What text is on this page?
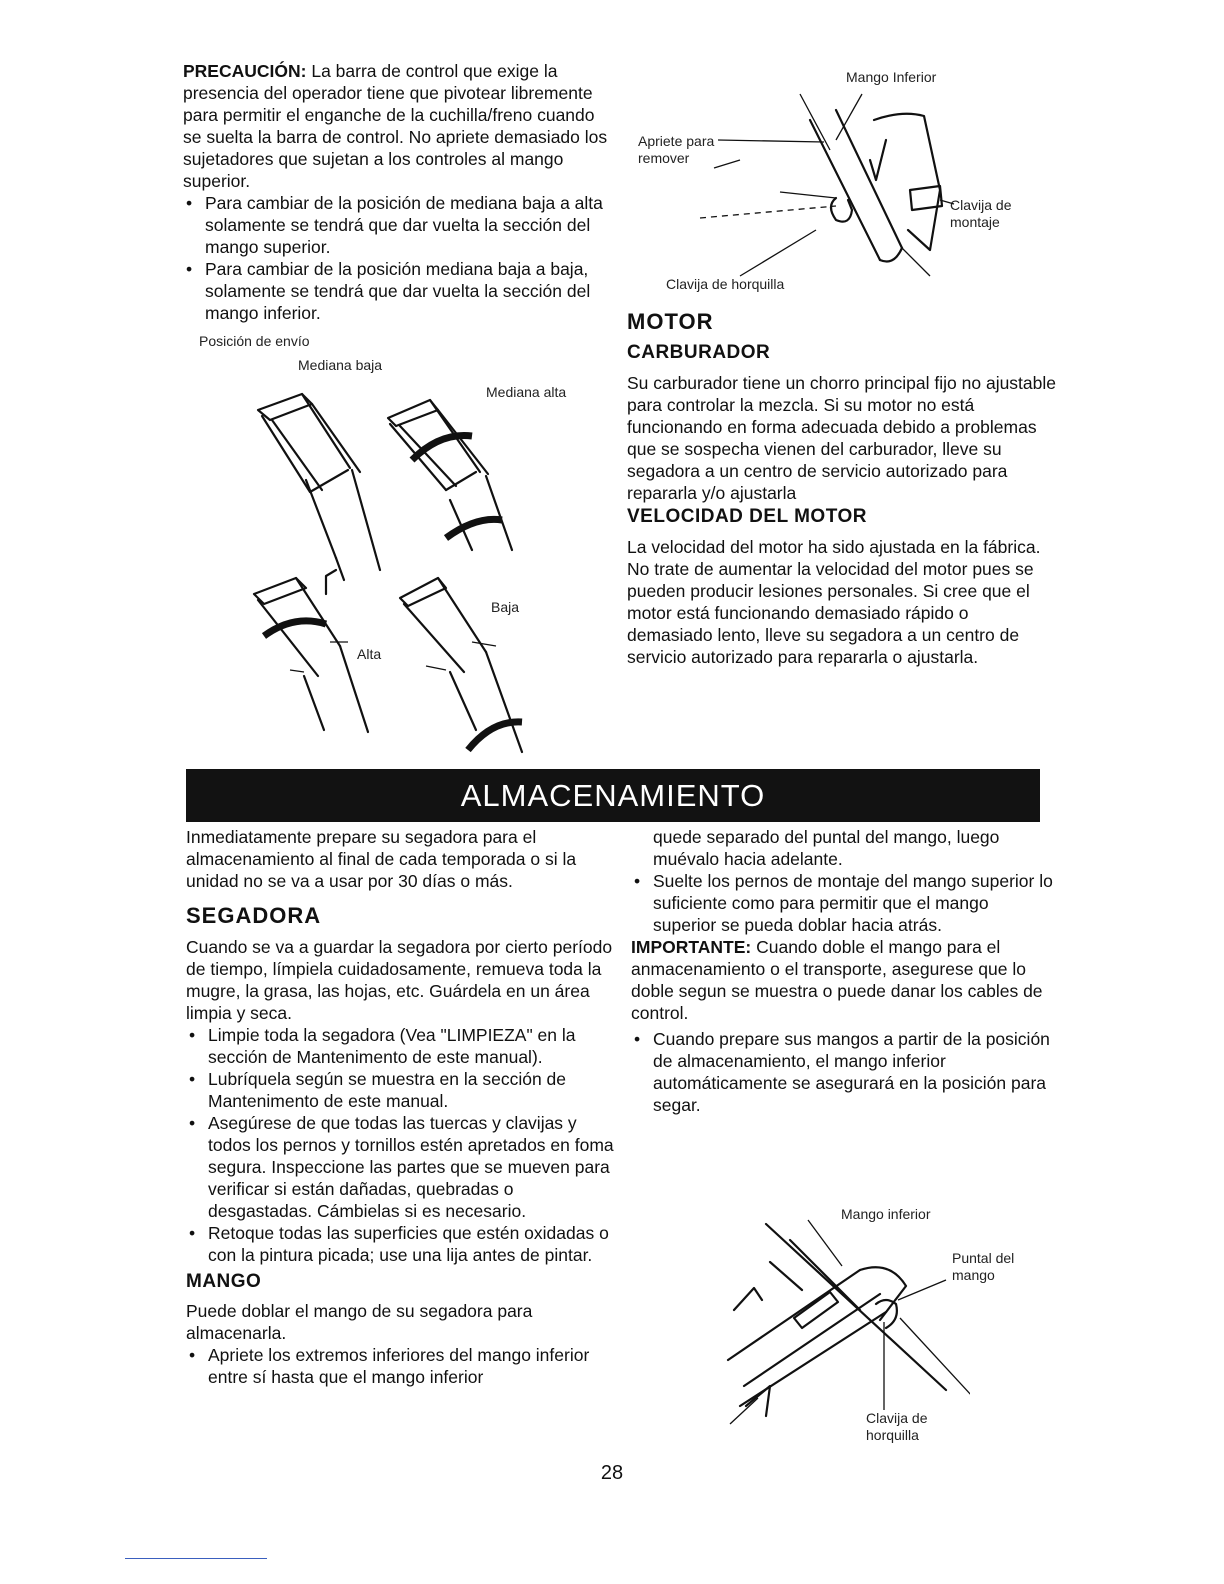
PRECAUCIÓN: La barra de control que exige la presencia del operador tiene que pivotear libremente para permitir el enganche de la cuchilla/freno cuando se suelta la barra de control. No apriete demasiado los sujetadores que sujetan a los controles al mango superior.

• Para cambiar de la posición de mediana baja a alta solamente se tendrá que dar vuelta la sección del mango superior.
• Para cambiar de la posición mediana baja a baja, solamente se tendrá que dar vuelta la sección del mango inferior.
Posición de envío
Mediana baja
Mediana alta
Baja
Alta
Mango Inferior
Apriete para remover
Clavija de montaje
Clavija de horquilla
MOTOR
CARBURADOR

Su carburador tiene un chorro principal fijo no ajustable para controlar la mezcla. Si su motor no está funcionando en forma adecuada debido a problemas que se sospecha vienen del carburador, lleve su segadora a un centro de servicio autorizado para repararla y/o ajustarla

VELOCIDAD DEL MOTOR

La velocidad del motor ha sido ajustada en la fábrica. No trate de aumentar la velocidad del motor pues se pueden producir lesiones personales. Si cree que el motor está funcionando demasiado rápido o demasiado lento, lleve su segadora a un centro de servicio autorizado para repararla o ajustarla.

ALMACENAMIENTO

Inmediatamente prepare su segadora para el almacenamiento al final de cada temporada o si la unidad no se va a usar por 30 días o más.

SEGADORA

Cuando se va a guardar la segadora por cierto período de tiempo, límpiela cuidadosamente, remueva toda la mugre, la grasa, las hojas, etc. Guárdela en un área limpia y seca.

• Limpie toda la segadora (Vea "LIMPIEZA" en la sección de Mantenimento de este manual).
• Lubríquela según se muestra en la sección de Mantenimento de este manual.
• Asegúrese de que todas las tuercas y clavijas y todos los pernos y tornillos estén apretados en foma segura. Inspeccione las partes que se mueven para verificar si están dañadas, quebradas o desgastadas. Cámbielas si es necesario.
• Retoque todas las superficies que estén oxidadas o con la pintura picada; use una lija antes de pintar.
MANGO

Puede doblar el mango de su segadora para almacenarla.

• Apriete los extremos inferiores del mango inferior entre sí hasta que el mango inferior

quede separado del puntal del mango, luego muévalo hacia adelante.

• Suelte los pernos de montaje del mango superior lo suficiente como para permitir que el mango superior se pueda doblar hacia atrás.

IMPORTANTE: Cuando doble el mango para el anmacenamiento o el transporte, asegurese que lo doble segun se muestra o puede danar los cables de control.

• Cuando prepare sus mangos a partir de la posición de almacenamiento, el mango inferior automáticamente se asegurará en la posición para segar.
Mango inferior
Puntal del mango
Clavija de horquilla
28
